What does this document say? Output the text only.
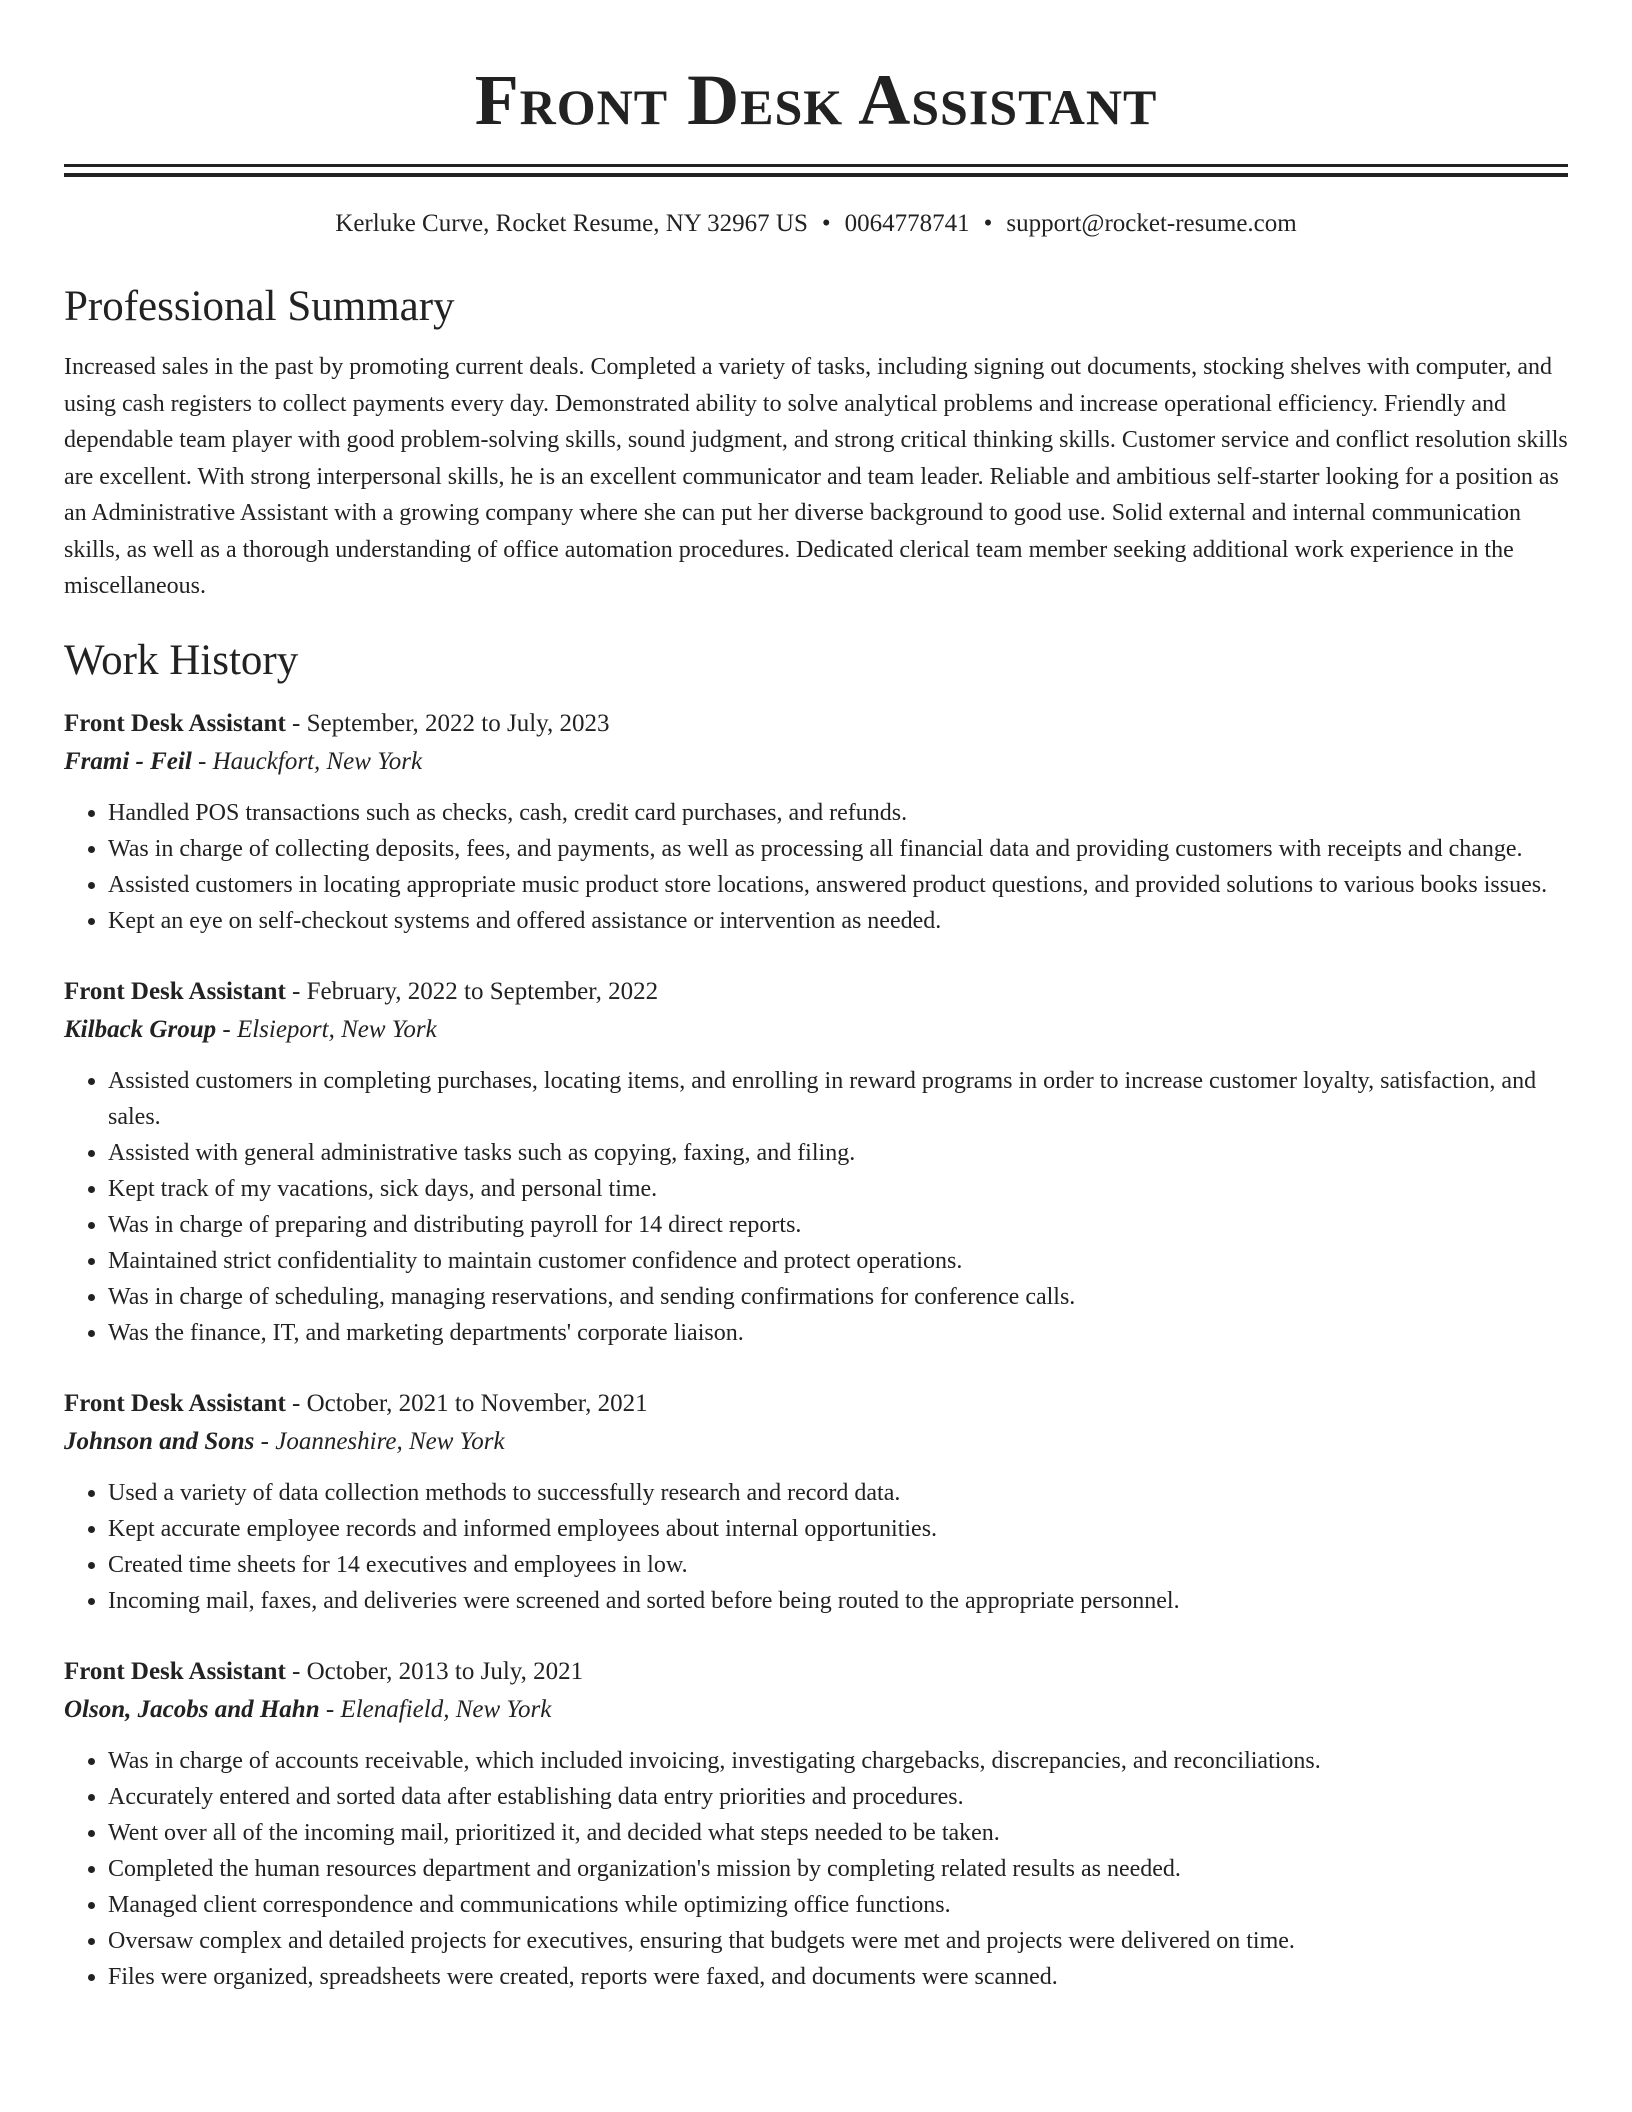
Front Desk Assistant
Kerluke Curve, Rocket Resume, NY 32967 US • 0064778741 • support@rocket-resume.com
Professional Summary

Increased sales in the past by promoting current deals. Completed a variety of tasks, including signing out documents, stocking shelves with computer, and using cash registers to collect payments every day. Demonstrated ability to solve analytical problems and increase operational efficiency. Friendly and dependable team player with good problem-solving skills, sound judgment, and strong critical thinking skills. Customer service and conflict resolution skills are excellent. With strong interpersonal skills, he is an excellent communicator and team leader. Reliable and ambitious self-starter looking for a position as an Administrative Assistant with a growing company where she can put her diverse background to good use. Solid external and internal communication skills, as well as a thorough understanding of office automation procedures. Dedicated clerical team member seeking additional work experience in the miscellaneous.

Work History
Front Desk Assistant - September, 2022 to July, 2023
Frami - Feil - Hauckfort, New York
• Handled POS transactions such as checks, cash, credit card purchases, and refunds.
• Was in charge of collecting deposits, fees, and payments, as well as processing all financial data and providing customers with receipts and change.
• Assisted customers in locating appropriate music product store locations, answered product questions, and provided solutions to various books issues.
• Kept an eye on self-checkout systems and offered assistance or intervention as needed.
Front Desk Assistant - February, 2022 to September, 2022
Kilback Group - Elsieport, New York
• Assisted customers in completing purchases, locating items, and enrolling in reward programs in order to increase customer loyalty, satisfaction, and sales.
• Assisted with general administrative tasks such as copying, faxing, and filing.
• Kept track of my vacations, sick days, and personal time.
• Was in charge of preparing and distributing payroll for 14 direct reports.
• Maintained strict confidentiality to maintain customer confidence and protect operations.
• Was in charge of scheduling, managing reservations, and sending confirmations for conference calls.
• Was the finance, IT, and marketing departments' corporate liaison.
Front Desk Assistant - October, 2021 to November, 2021
Johnson and Sons - Joanneshire, New York
• Used a variety of data collection methods to successfully research and record data.
• Kept accurate employee records and informed employees about internal opportunities.
• Created time sheets for 14 executives and employees in low.
• Incoming mail, faxes, and deliveries were screened and sorted before being routed to the appropriate personnel.
Front Desk Assistant - October, 2013 to July, 2021
Olson, Jacobs and Hahn - Elenafield, New York
• Was in charge of accounts receivable, which included invoicing, investigating chargebacks, discrepancies, and reconciliations.
• Accurately entered and sorted data after establishing data entry priorities and procedures.
• Went over all of the incoming mail, prioritized it, and decided what steps needed to be taken.
• Completed the human resources department and organization's mission by completing related results as needed.
• Managed client correspondence and communications while optimizing office functions.
• Oversaw complex and detailed projects for executives, ensuring that budgets were met and projects were delivered on time.
• Files were organized, spreadsheets were created, reports were faxed, and documents were scanned.
